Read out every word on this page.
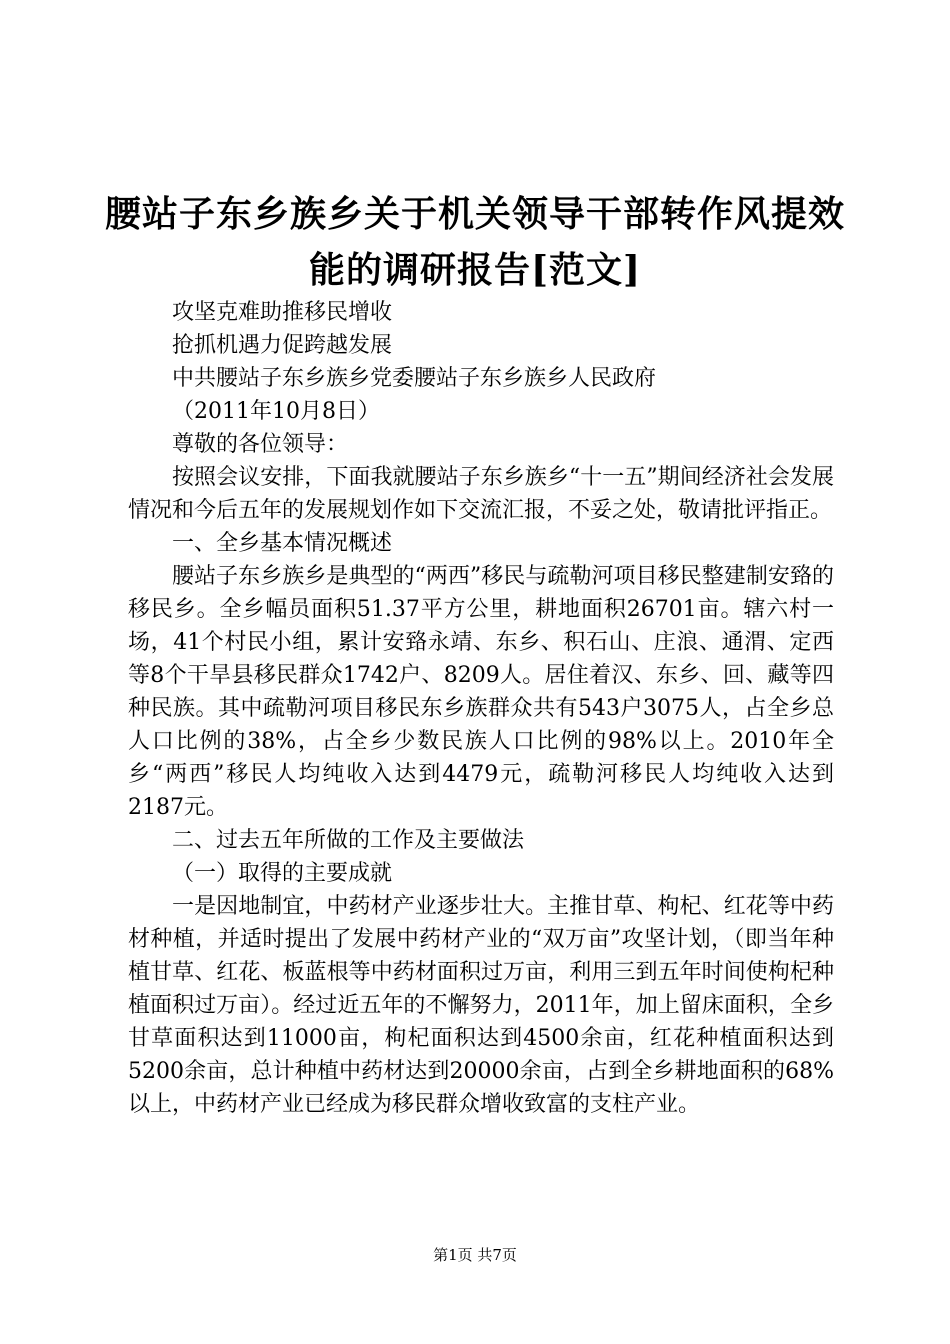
腰站子东乡族乡关于机关领导干部转作风提效能的调研报告[范文]

攻坚克难助推移民增收

抢抓机遇力促跨越发展

中共腰站子东乡族乡党委腰站子东乡族乡人民政府

（2011年10月8日）

尊敬的各位领导：

按照会议安排，下面我就腰站子东乡族乡“十一五”期间经济社会发展情况和今后五年的发展规划作如下交流汇报，不妥之处，敬请批评指正。

一、全乡基本情况概述

腰站子东乡族乡是典型的“两西”移民与疏勒河项目移民整建制安臵的移民乡。全乡幅员面积51.37平方公里，耕地面积26701亩。辖六村一场，41个村民小组，累计安臵永靖、东乡、积石山、庄浪、通渭、定西等8个干旱县移民群众1742户、8209人。居住着汉、东乡、回、藏等四种民族。其中疏勒河项目移民东乡族群众共有543户3075人，占全乡总人口比例的38%，占全乡少数民族人口比例的98%以上。2010年全乡“两西”移民人均纯收入达到4479元，疏勒河移民人均纯收入达到2187元。

二、过去五年所做的工作及主要做法

（一）取得的主要成就

一是因地制宜，中药材产业逐步壮大。主推甘草、枸杞、红花等中药材种植，并适时提出了发展中药材产业的“双万亩”攻坚计划，（即当年种植甘草、红花、板蓝根等中药材面积过万亩，利用三到五年时间使枸杞种植面积过万亩）。经过近五年的不懈努力，2011年，加上留床面积，全乡甘草面积达到11000亩，枸杞面积达到4500余亩，红花种植面积达到5200余亩，总计种植中药材达到20000余亩，占到全乡耕地面积的68%以上，中药材产业已经成为移民群众增收致富的支柱产业。

第1页 共7页
